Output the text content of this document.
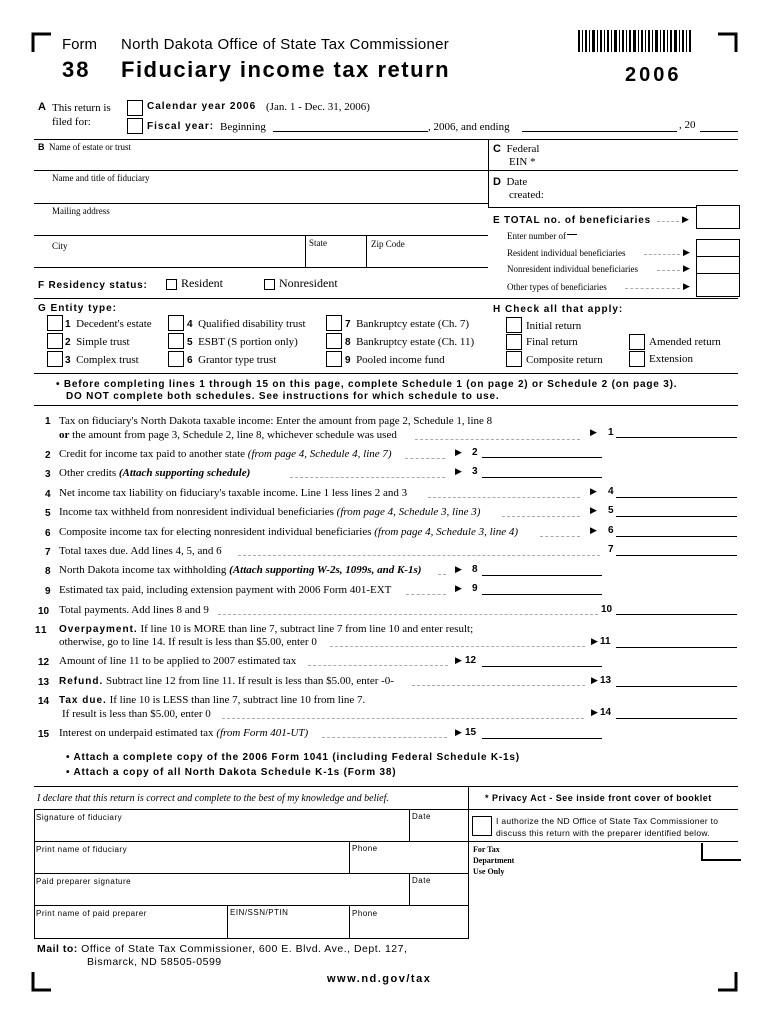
Form North Dakota Office of State Tax Commissioner
38 Fiduciary income tax return	2006
A This return is filed for:
Calendar year 2006 (Jan. 1 - Dec. 31, 2006)
Fiscal year: Beginning	, 2006, and ending	, 20
B Name of estate or trust
Name and title of fiduciary
Mailing address
City	State	Zip Code
C Federal
EIN *
D Date
created:
E TOTAL no. of beneficiaries	▶
Enter number of
Resident individual beneficiaries	▶
Nonresident individual beneficiaries	▶
Other types of beneficiaries	▶
F Residency status:	Resident	Nonresident
G Entity type:
1 Decedent's estate
2 Simple trust
3 Complex trust
4 Qualified disability trust
5 ESBT (S portion only)
6 Grantor type trust
7 Bankruptcy estate (Ch. 7)
8 Bankruptcy estate (Ch. 11)
9 Pooled income fund
H Check all that apply:
Initial return
Final return
Composite return
Amended return
Extension
• Before completing lines 1 through 15 on this page, complete Schedule 1 (on page 2) or Schedule 2 (on page 3).
DO NOT complete both schedules. See instructions for which schedule to use.
1 Tax on fiduciary's North Dakota taxable income: Enter the amount from page 2, Schedule 1, line 8
or the amount from page 3, Schedule 2, line 8, whichever schedule was used	▶ 1
2 Credit for income tax paid to another state (from page 4, Schedule 4, line 7)	▶ 2
3 Other credits (Attach supporting schedule)	▶ 3
4 Net income tax liability on fiduciary's taxable income. Line 1 less lines 2 and 3	▶ 4
5 Income tax withheld from nonresident individual beneficiaries (from page 4, Schedule 3, line 3)	▶ 5
6 Composite income tax for electing nonresident individual beneficiaries (from page 4, Schedule 3, line 4)	▶ 6
7 Total taxes due. Add lines 4, 5, and 6	7
8 North Dakota income tax withholding (Attach supporting W-2s, 1099s, and K-1s)	▶ 8
9 Estimated tax paid, including extension payment with 2006 Form 401-EXT	▶ 9
10 Total payments. Add lines 8 and 9	10
11 Overpayment. If line 10 is MORE than line 7, subtract line 7 from line 10 and enter result;
otherwise, go to line 14. If result is less than $5.00, enter 0	▶ 11
12 Amount of line 11 to be applied to 2007 estimated tax	▶ 12
13 Refund. Subtract line 12 from line 11. If result is less than $5.00, enter -0-	▶ 13
14 Tax due. If line 10 is LESS than line 7, subtract line 10 from line 7.
If result is less than $5.00, enter 0	▶ 14
15 Interest on underpaid estimated tax (from Form 401-UT)	▶ 15
• Attach a complete copy of the 2006 Form 1041 (including Federal Schedule K-1s)
• Attach a copy of all North Dakota Schedule K-1s (Form 38)
I declare that this return is correct and complete to the best of my knowledge and belief.	* Privacy Act - See inside front cover of booklet
Signature of fiduciary	Date
Print name of fiduciary	Phone
Paid preparer signature	Date
Print name of paid preparer	EIN/SSN/PTIN	Phone
I authorize the ND Office of State Tax Commissioner to discuss this return with the preparer identified below.
For Tax
Department
Use Only
Mail to: Office of State Tax Commissioner, 600 E. Blvd. Ave., Dept. 127,
Bismarck, ND 58505-0599
www.nd.gov/tax
